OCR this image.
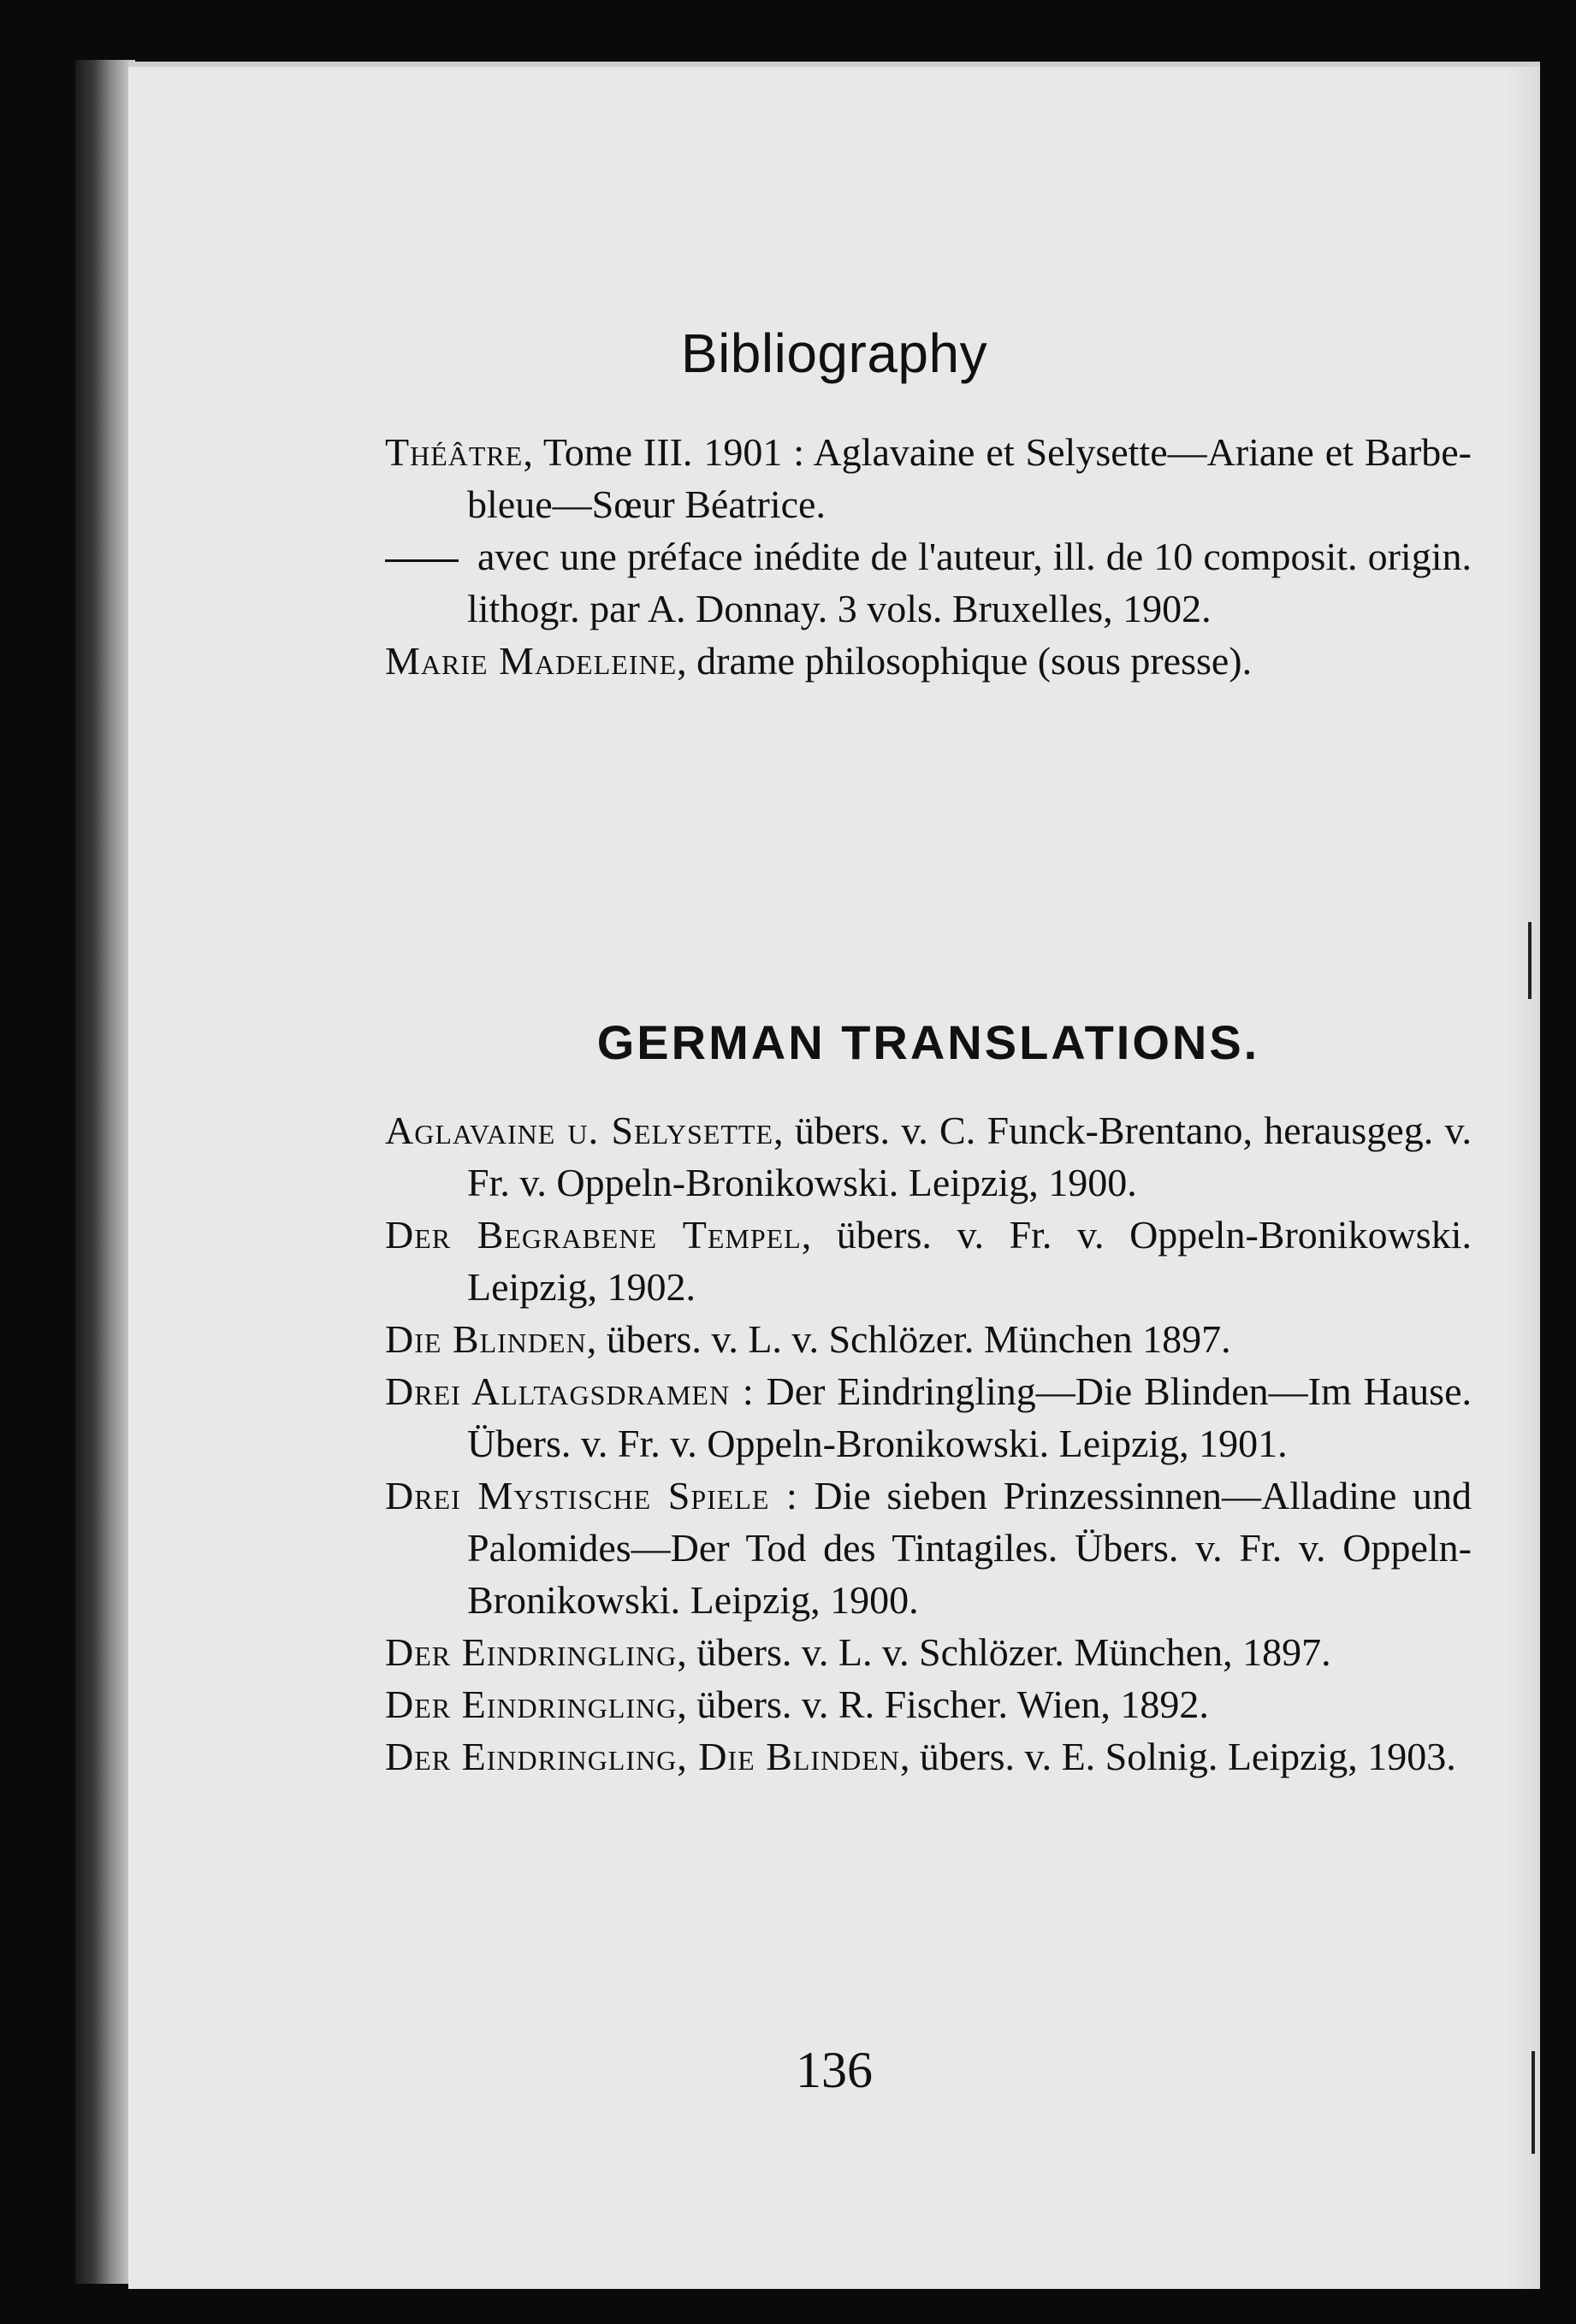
Bibliography

Théâtre, Tome III. 1901 : Aglavaine et Selysette—Ariane et Barbe-bleue—Sœur Béatrice.

avec une préface inédite de l'auteur, ill. de 10 composit. origin. lithogr. par A. Donnay. 3 vols. Bruxelles, 1902.

Marie Madeleine, drame philosophique (sous presse).

GERMAN TRANSLATIONS.

Aglavaine u. Selysette, übers. v. C. Funck-Brentano, herausgeg. v. Fr. v. Oppeln-Bronikowski. Leipzig, 1900.

Der Begrabene Tempel, übers. v. Fr. v. Oppeln-Bronikowski. Leipzig, 1902.

Die Blinden, übers. v. L. v. Schlözer. München 1897.

Drei Alltagsdramen : Der Eindringling—Die Blinden—Im Hause. Übers. v. Fr. v. Oppeln-Bronikowski. Leipzig, 1901.

Drei Mystische Spiele : Die sieben Prinzessinnen—Alladine und Palomides—Der Tod des Tintagiles. Übers. v. Fr. v. Oppeln-Bronikowski. Leipzig, 1900.

Der Eindringling, übers. v. L. v. Schlözer. München, 1897.

Der Eindringling, übers. v. R. Fischer. Wien, 1892.

Der Eindringling, Die Blinden, übers. v. E. Solnig. Leipzig, 1903.

136
